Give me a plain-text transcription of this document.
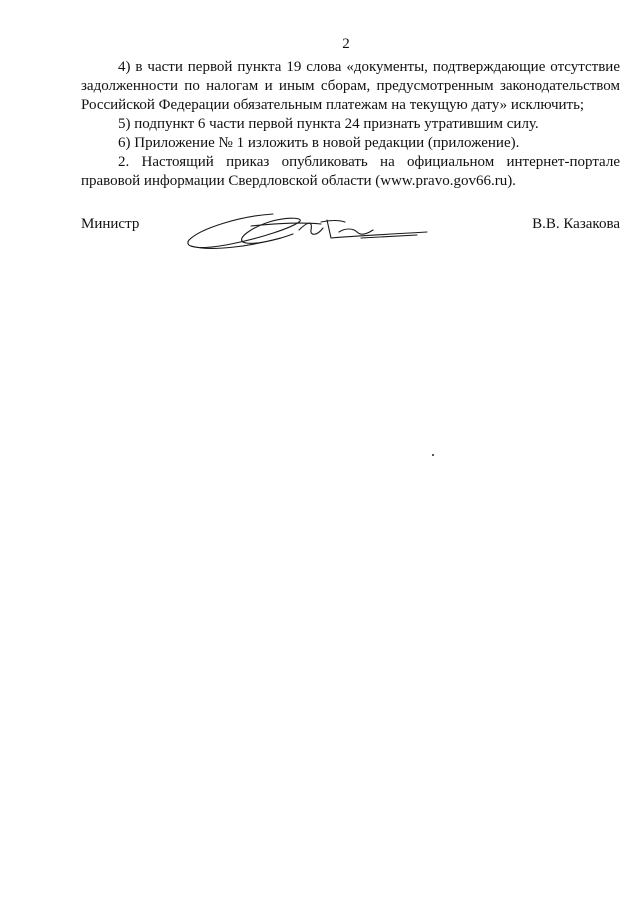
2

4) в части первой пункта 19 слова «документы, подтверждающие отсутствие задолженности по налогам и иным сборам, предусмотренным законодательством Российской Федерации обязательным платежам на текущую дату» исключить;

5) подпункт 6 части первой пункта 24 признать утратившим силу.

6) Приложение № 1 изложить в новой редакции (приложение).

2. Настоящий приказ опубликовать на официальном интернет-портале правовой информации Свердловской области (www.pravo.gov66.ru).

Министр	В.В. Казакова
